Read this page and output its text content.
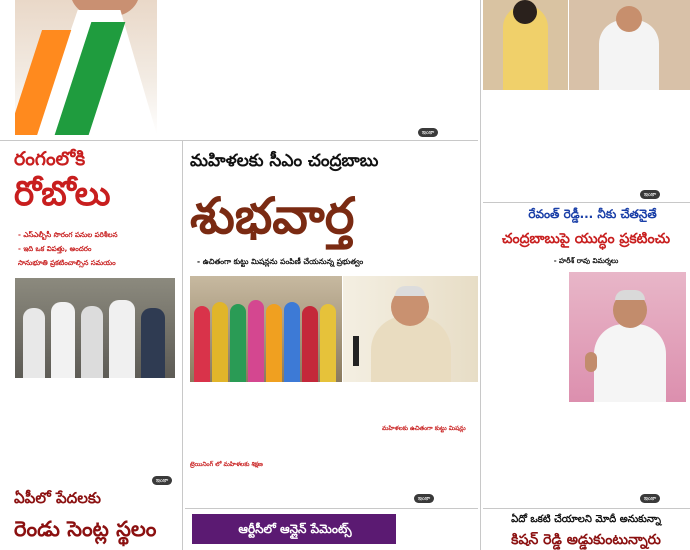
ఇంకా
ఇంకా
రంగంలోకి
రోబోలు
- ఎస్ఎల్బీసీ సొరంగ పనుల పరిశీలన
- ఇది ఒక విపత్తు, అందరం
సానుభూతి ప్రకటించాల్సిన సమయం
ఇంకా
ఏపీలో పేదలకు
రెండు సెంట్ల స్థలం
మహిళలకు సీఎం చంద్రబాబు
శుభవార్త
- ఉచితంగా కుట్టు మిషన్లను పంపిణీ చేయనున్న ప్రభుత్వం
ట్రెయినింగ్ లో మహిళలకు శిక్షణ
మహిళలకు ఉచితంగా కుట్టు మిషన్లు
ఇంకా
ఆర్టీసీలో ఆన్లైన్ పేమెంట్స్
రేవంత్ రెడ్డీ... నీకు చేతనైతే
చంద్రబాబుపై యుద్ధం ప్రకటించు
- హరీశ్ రావు విమర్శలు
ఇంకా
ఏదో ఒకటి చేయాలని మోదీ అనుకున్నా
కిషన్ రెడ్డి అడ్డుకుంటున్నారు
